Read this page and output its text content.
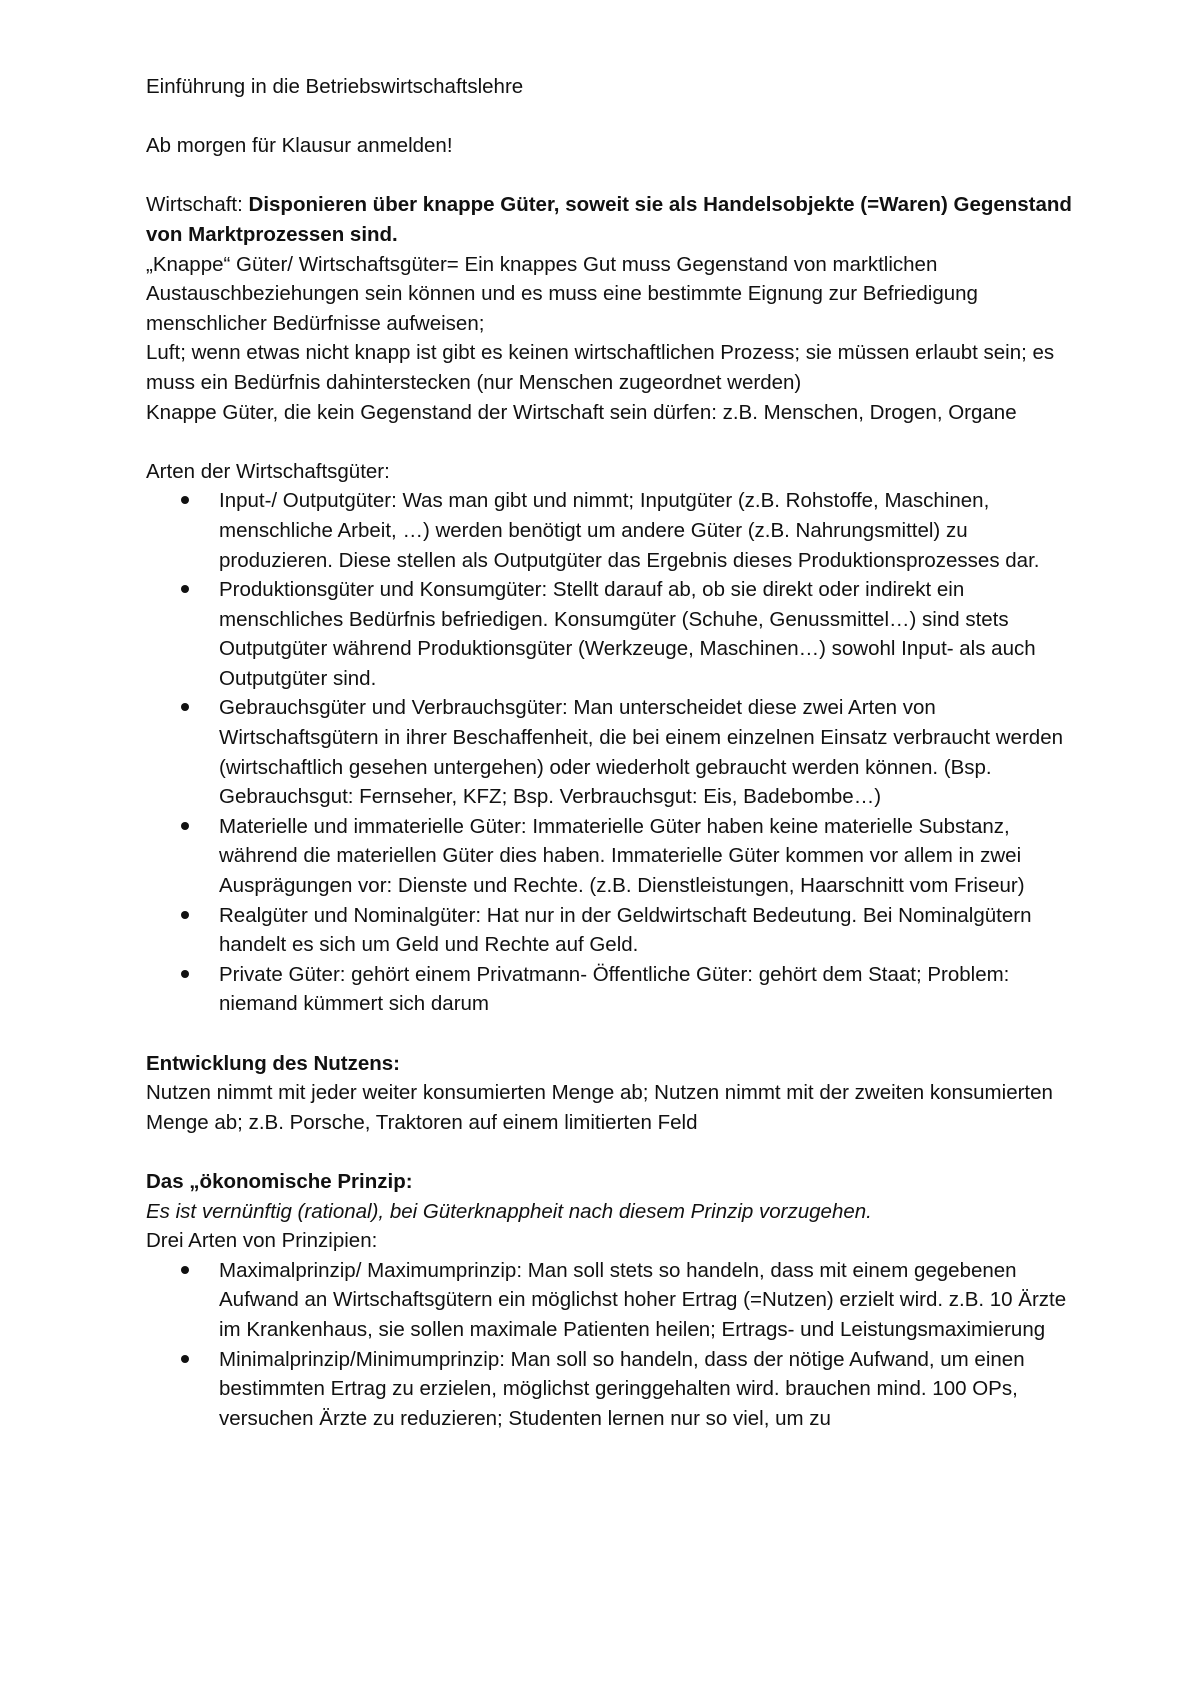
Einführung in die Betriebswirtschaftslehre

Ab morgen für Klausur anmelden!

Wirtschaft: Disponieren über knappe Güter, soweit sie als Handelsobjekte (=Waren) Gegenstand von Marktprozessen sind.

„Knappe“ Güter/ Wirtschaftsgüter= Ein knappes Gut muss Gegenstand von marktlichen Austauschbeziehungen sein können und es muss eine bestimmte Eignung zur Befriedigung menschlicher Bedürfnisse aufweisen;

Luft; wenn etwas nicht knapp ist gibt es keinen wirtschaftlichen Prozess; sie müssen erlaubt sein; es muss ein Bedürfnis dahinterstecken (nur Menschen zugeordnet werden)

Knappe Güter, die kein Gegenstand der Wirtschaft sein dürfen: z.B. Menschen, Drogen, Organe

Arten der Wirtschaftsgüter:

Input-/ Outputgüter: Was man gibt und nimmt; Inputgüter (z.B. Rohstoffe, Maschinen, menschliche Arbeit, …) werden benötigt um andere Güter (z.B. Nahrungsmittel) zu produzieren. Diese stellen als Outputgüter das Ergebnis dieses Produktionsprozesses dar.
Produktionsgüter und Konsumgüter: Stellt darauf ab, ob sie direkt oder indirekt ein menschliches Bedürfnis befriedigen. Konsumgüter (Schuhe, Genussmittel…) sind stets Outputgüter während Produktionsgüter (Werkzeuge, Maschinen…) sowohl Input- als auch Outputgüter sind.
Gebrauchsgüter und Verbrauchsgüter: Man unterscheidet diese zwei Arten von Wirtschaftsgütern in ihrer Beschaffenheit, die bei einem einzelnen Einsatz verbraucht werden (wirtschaftlich gesehen untergehen) oder wiederholt gebraucht werden können. (Bsp. Gebrauchsgut: Fernseher, KFZ; Bsp. Verbrauchsgut: Eis, Badebombe…)
Materielle und immaterielle Güter: Immaterielle Güter haben keine materielle Substanz, während die materiellen Güter dies haben. Immaterielle Güter kommen vor allem in zwei Ausprägungen vor: Dienste und Rechte. (z.B. Dienstleistungen, Haarschnitt vom Friseur)
Realgüter und Nominalgüter: Hat nur in der Geldwirtschaft Bedeutung. Bei Nominalgütern handelt es sich um Geld und Rechte auf Geld.
Private Güter: gehört einem Privatmann- Öffentliche Güter: gehört dem Staat; Problem: niemand kümmert sich darum

Entwicklung des Nutzens:

Nutzen nimmt mit jeder weiter konsumierten Menge ab; Nutzen nimmt mit der zweiten konsumierten Menge ab; z.B. Porsche, Traktoren auf einem limitierten Feld

Das „ökonomische Prinzip:

Es ist vernünftig (rational), bei Güterknappheit nach diesem Prinzip vorzugehen.

Drei Arten von Prinzipien:

Maximalprinzip/ Maximumprinzip: Man soll stets so handeln, dass mit einem gegebenen Aufwand an Wirtschaftsgütern ein möglichst hoher Ertrag (=Nutzen) erzielt wird. z.B. 10 Ärzte im Krankenhaus, sie sollen maximale Patienten heilen; Ertrags- und Leistungsmaximierung
Minimalprinzip/Minimumprinzip: Man soll so handeln, dass der nötige Aufwand, um einen bestimmten Ertrag zu erzielen, möglichst geringgehalten wird. brauchen mind. 100 OPs, versuchen Ärzte zu reduzieren; Studenten lernen nur so viel, um zu
